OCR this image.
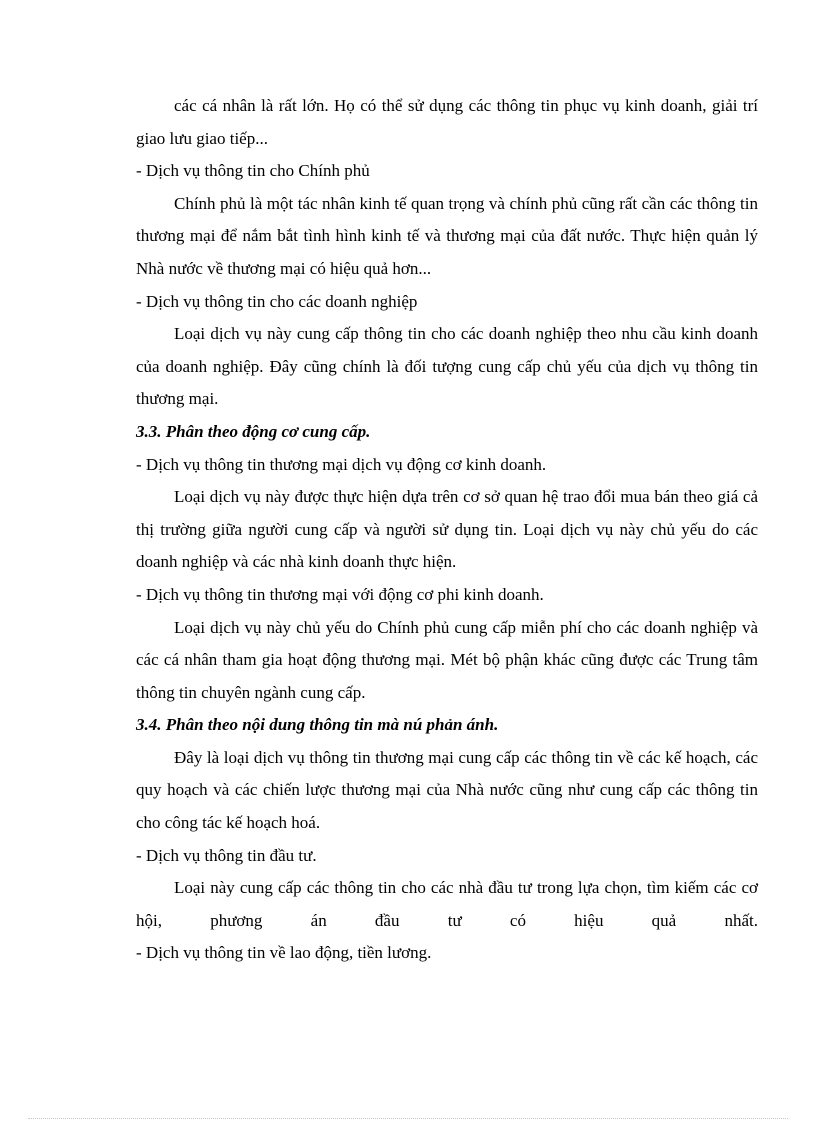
các cá nhân là rất lớn. Họ có thể sử dụng các thông tin phục vụ kinh doanh, giải trí giao lưu giao tiếp...

- Dịch vụ thông tin cho Chính phủ

Chính phủ là một tác nhân kinh tế quan trọng và chính phủ cũng rất cần các thông tin thương mại để nắm bắt tình hình kinh tế và thương mại của đất nước. Thực hiện quản lý Nhà nước về thương mại có hiệu quả hơn...

- Dịch vụ thông tin cho các doanh nghiệp

Loại dịch vụ này cung cấp thông tin cho các doanh nghiệp theo nhu cầu kinh doanh của doanh nghiệp. Đây cũng chính là đối tượng cung cấp chủ yếu của dịch vụ thông tin thương mại.

3.3. Phân theo động cơ cung cấp.

- Dịch vụ thông tin thương mại dịch vụ động cơ kinh doanh.

Loại dịch vụ này được thực hiện dựa trên cơ sở quan hệ trao đổi mua bán theo giá cả thị trường giữa người cung cấp và người sử dụng tin. Loại dịch vụ này chủ yếu do các doanh nghiệp và các nhà kinh doanh thực hiện.

- Dịch vụ thông tin thương mại với động cơ phi kinh doanh.

Loại dịch vụ này chủ yếu do Chính phủ cung cấp miễn phí cho các doanh nghiệp và các cá nhân tham gia hoạt động thương mại. Mét bộ phận khác cũng được các Trung tâm thông tin chuyên ngành cung cấp.

3.4. Phân theo nội dung thông tin mà nú phản ánh.

Đây là loại dịch vụ thông tin thương mại cung cấp các thông tin về các kế hoạch, các quy hoạch và các chiến lược thương mại của Nhà nước cũng như cung cấp các thông tin cho công tác kế hoạch hoá.

- Dịch vụ thông tin đầu tư.

Loại này cung cấp các thông tin cho các nhà đầu tư trong lựa chọn, tìm kiếm các cơ hội, phương án đầu tư có hiệu quả nhất.

- Dịch vụ thông tin về lao động, tiền lương.
